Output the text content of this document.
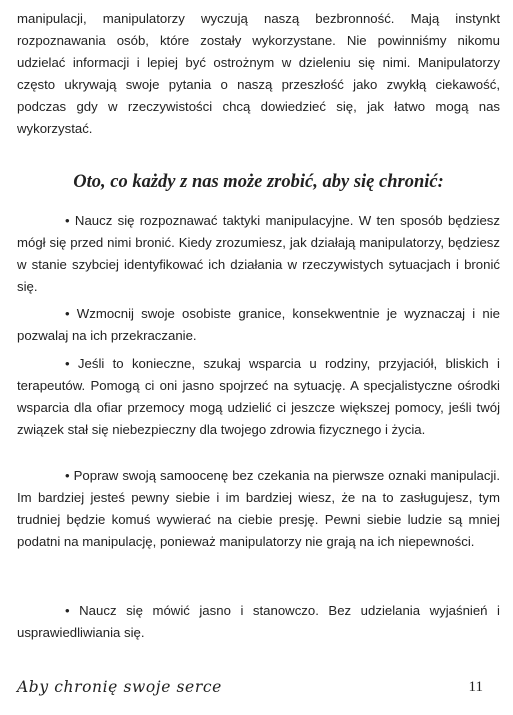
manipulacji, manipulatorzy wyczują naszą bezbronność. Mają instynkt rozpoznawania osób, które zostały wykorzystane. Nie powinniśmy nikomu udzielać informacji i lepiej być ostrożnym w dzieleniu się nimi. Manipulatorzy często ukrywają swoje pytania o naszą przeszłość jako zwykłą ciekawość, podczas gdy w rzeczywistości chcą dowiedzieć się, jak łatwo mogą nas wykorzystać.

Oto, co każdy z nas może zrobić, aby się chronić:

• Naucz się rozpoznawać taktyki manipulacyjne. W ten sposób będziesz mógł się przed nimi bronić. Kiedy zrozumiesz, jak działają manipulatorzy, będziesz w stanie szybciej identyfikować ich działania w rzeczywistych sytuacjach i bronić się.

• Wzmocnij swoje osobiste granice, konsekwentnie je wyznaczaj i nie pozwalaj na ich przekraczanie.

• Jeśli to konieczne, szukaj wsparcia u rodziny, przyjaciół, bliskich i terapeutów. Pomogą ci oni jasno spojrzeć na sytuację. A specjalistyczne ośrodki wsparcia dla ofiar przemocy mogą udzielić ci jeszcze większej pomocy, jeśli twój związek stał się niebezpieczny dla twojego zdrowia fizycznego i życia.

• Popraw swoją samoocenę bez czekania na pierwsze oznaki manipulacji. Im bardziej jesteś pewny siebie i im bardziej wiesz, że na to zasługujesz, tym trudniej będzie komuś wywierać na ciebie presję. Pewni siebie ludzie są mniej podatni na manipulację, ponieważ manipulatorzy nie grają na ich niepewności.

• Naucz się mówić jasno i stanowczo. Bez udzielania wyjaśnień i usprawiedliwiania się.

Aby chronię swoje serce	11
